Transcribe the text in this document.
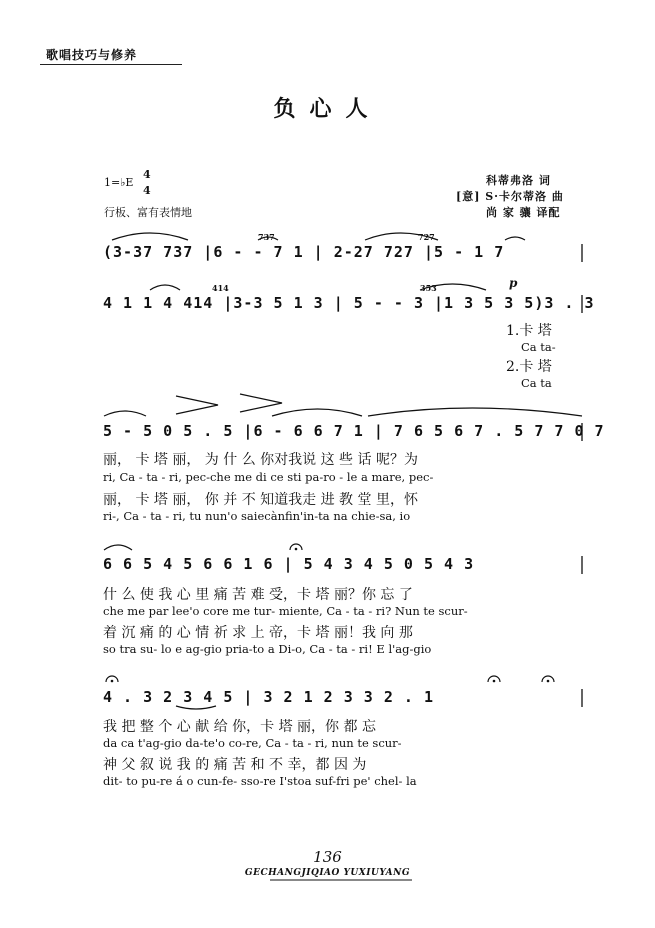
歌唱技巧与修养
负心人
1=♭E
4
4
行板、富有表情地
科蒂弗洛 词
[意] S·卡尔蒂洛 曲
尚 家 骧 译配
727
737
(3-37 737 |6 - - 7 1 | 2-27 727 |5 - 1 7
414	353	p
4 1 1 4 414 |3-3 5 1 3 | 5 - - 3 |1 3 5 3 5)3 . 3
1.卡 塔
Ca ta-
2.卡 塔
Ca ta
5 - 5 0 5 . 5 |6 - 6 6 7 1 | 7 6 5 6 7 . 5 7 7 0 7
丽， 卡 塔 丽， 为 什 么 你对我说 这 些 话 呢？为
ri, Ca - ta - ri, pec-che me di ce sti pa-ro - le a mare, pec-
丽， 卡 塔 丽， 你 并 不 知道我走 进 教 堂 里，怀
ri-, Ca - ta - ri, tu nun'o saiecànfin'in-ta na chie-sa, io
6 6 5 4 5 6 6 1 6 | 5 4 3 4 5 0 5 4 3
什 么 使 我 心 里 痛 苦 难 受，卡 塔 丽？你 忘 了
che me par lee'o core me tur- miente, Ca - ta - ri? Nun te scur-
着 沉 痛 的 心 情 祈 求 上 帝，卡 塔 丽！我 向 那
so tra su- lo e ag-gio pria-to a Di-o, Ca - ta - ri! E l'ag-gio
4 . 3 2 3 4 5 | 3 2 1 2 3 3 2 . 1
我 把 整 个 心 献 给 你，卡 塔 丽，你 都 忘
da ca t'ag-gio da-te'o co-re, Ca - ta - ri, nun te scur-
神 父 叙 说 我 的 痛 苦 和 不 幸，都 因 为
dit- to pu-re á o cun-fe- sso-re I'stoa suf-fri pe' chel- la
136
GECHANGJIQIAO YUXIUYANG
